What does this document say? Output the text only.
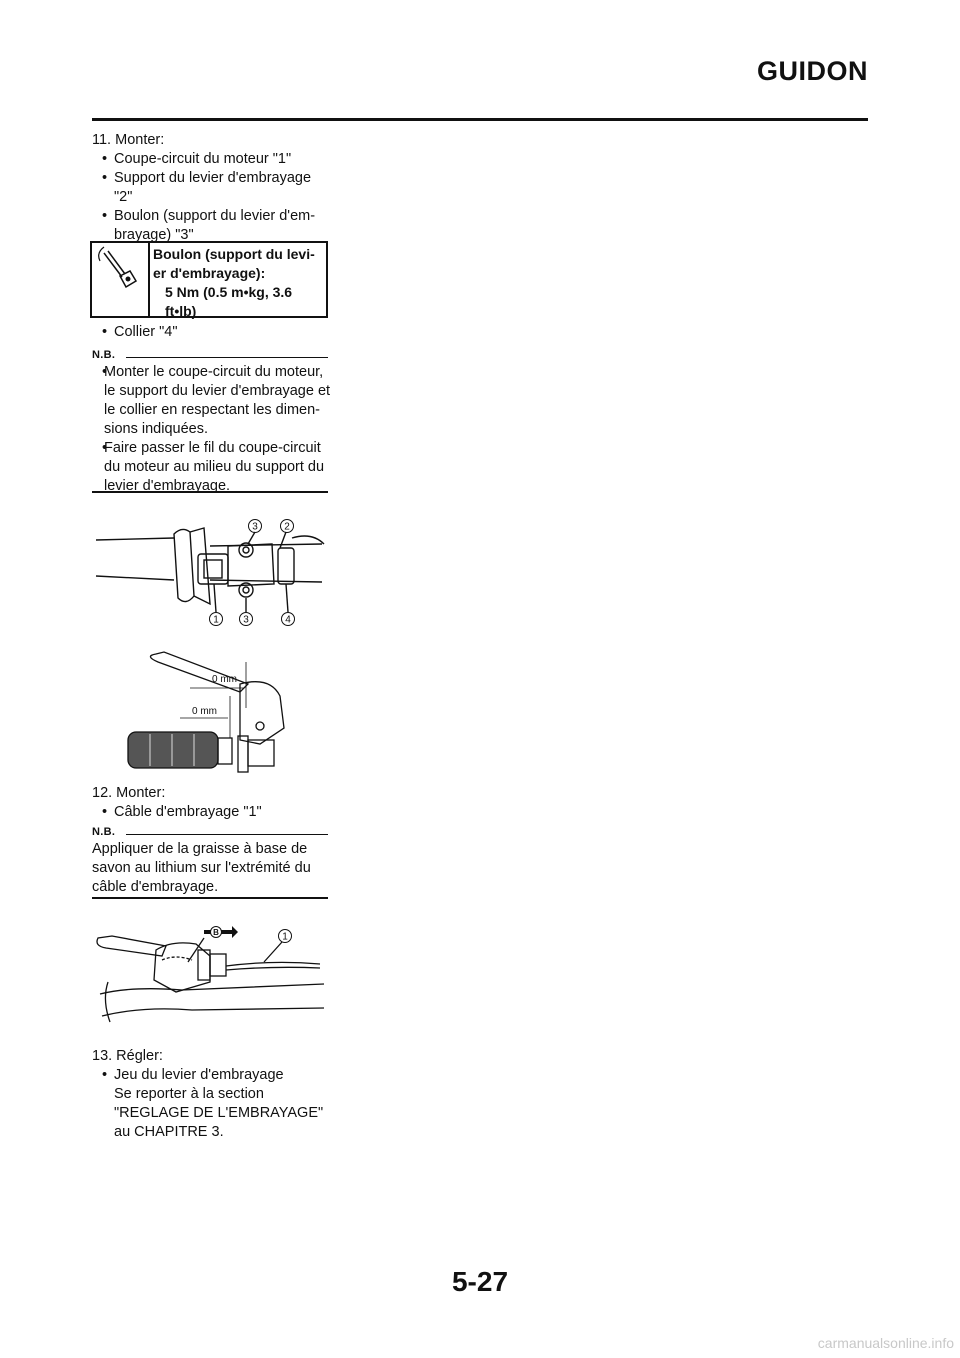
GUIDON

11. Monter:

• Coupe-circuit du moteur "1"

• Support du levier d'embrayage "2"

• Boulon (support du levier d'em- brayage) "3"

Boulon (support du levi- er d'embrayage):
5 Nm (0.5 m•kg, 3.6 ft•lb)

• Collier "4"

N.B.

• Monter le coupe-circuit du moteur, le support du levier d'embrayage et le collier en respectant les dimen- sions indiquées.

• Faire passer le fil du coupe-circuit du moteur au milieu du support du levier d'embrayage.

3	2
1 3	4
0 mm
0 mm

12. Monter:

• Câble d'embrayage "1"

N.B.

Appliquer de la graisse à base de savon au lithium sur l'extrémité du câble d'embrayage.

B	1

13. Régler:

• Jeu du levier d'embrayage

Se reporter à la section

"REGLAGE DE L'EMBRAYAGE"

au CHAPITRE 3.

5-27
carmanualsonline.info
